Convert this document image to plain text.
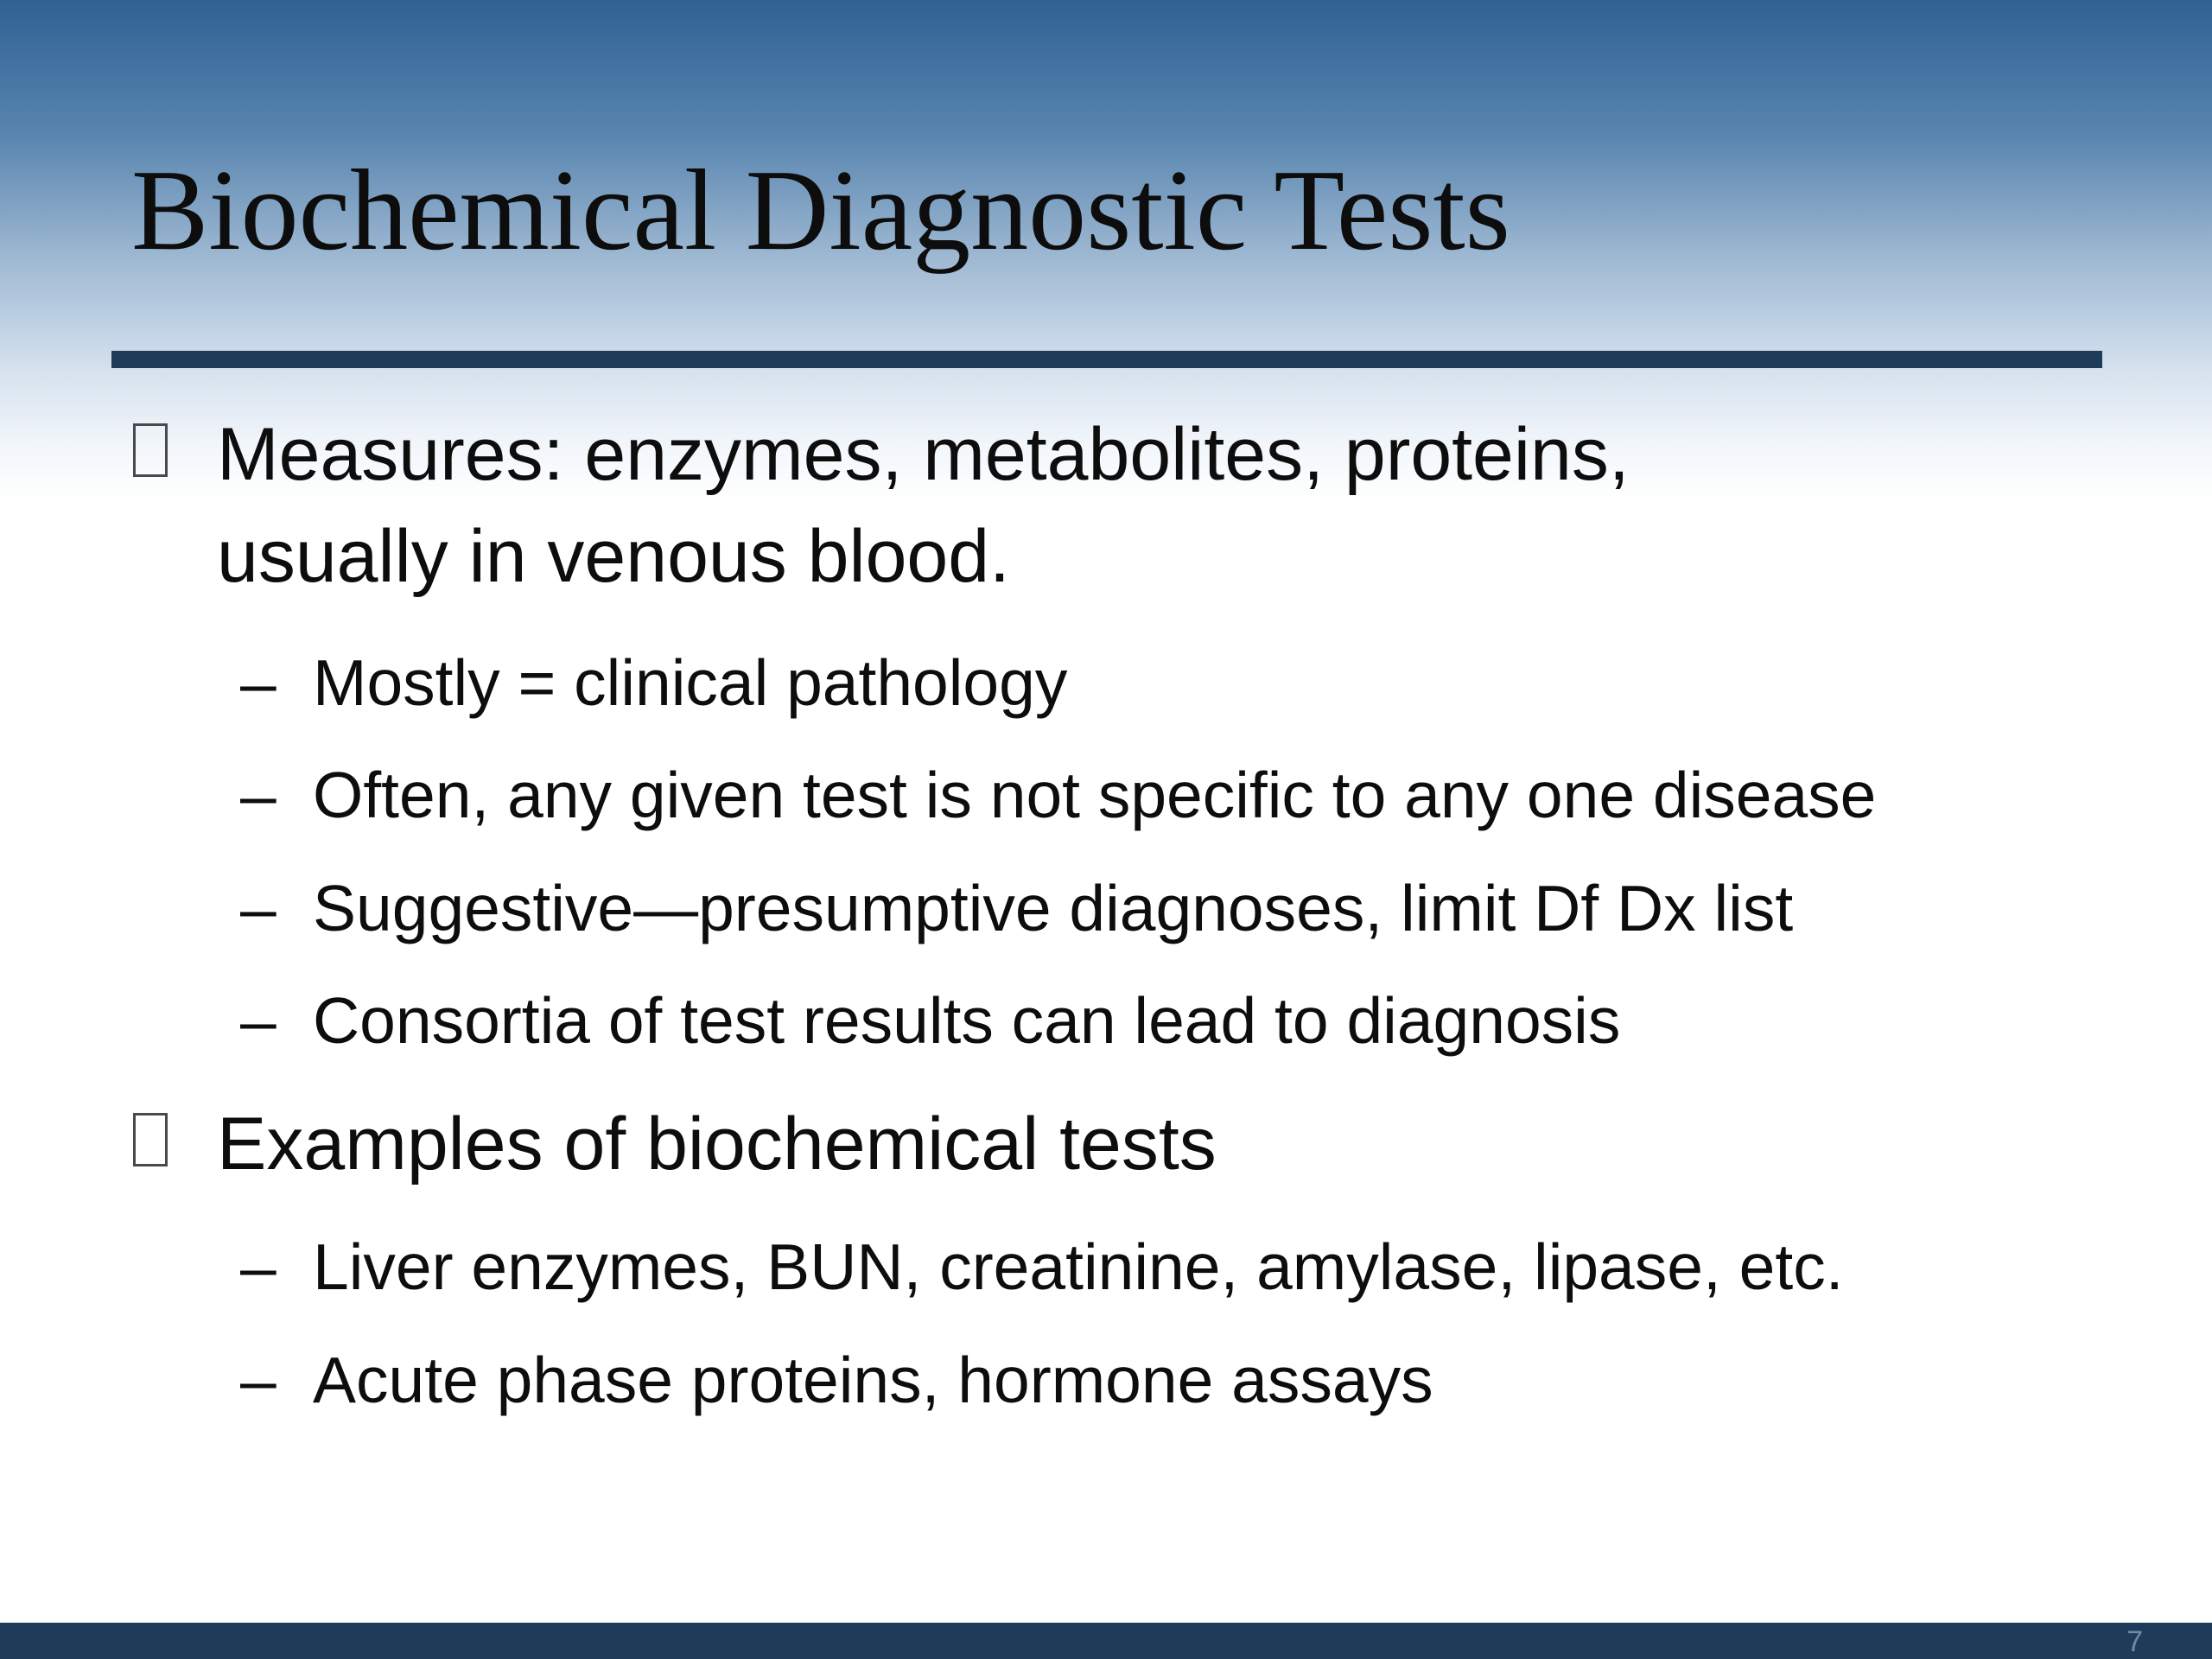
Biochemical Diagnostic Tests
Measures: enzymes, metabolites, proteins,
usually in venous blood.
– Mostly = clinical pathology
– Often, any given test is not specific to any one disease
– Suggestive—presumptive diagnoses, limit Df Dx list
– Consortia of test results can lead to diagnosis
Examples of biochemical tests
– Liver enzymes, BUN, creatinine, amylase, lipase, etc.
– Acute phase proteins, hormone assays
7
